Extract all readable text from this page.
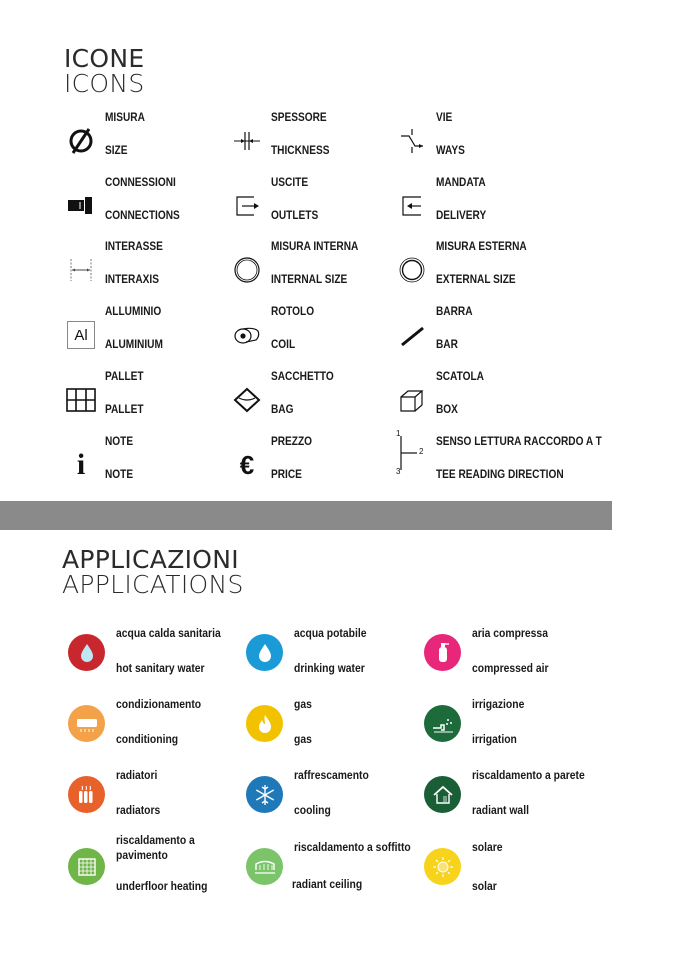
ICONE
ICONS
MISURA
SIZE
SPESSORE
THICKNESS
VIE
WAYS
CONNESSIONI
CONNECTIONS
USCITE
OUTLETS
MANDATA
DELIVERY
INTERASSE
INTERAXIS
MISURA INTERNA
INTERNAL SIZE
MISURA ESTERNA
EXTERNAL SIZE
Al
ALLUMINIO
ALUMINIUM
ROTOLO
COIL
BARRA
BAR
PALLET
PALLET
SACCHETTO
BAG
SCATOLA
BOX
i
NOTE
NOTE	€
PREZZO
PRICE
1
2
3
SENSO LETTURA RACCORDO A T
TEE READING DIRECTION
APPLICAZIONI
APPLICATIONS
acqua calda sanitaria
hot sanitary water
acqua potabile
drinking water
aria compressa
compressed air
condizionamento
conditioning
gas
gas
irrigazione
irrigation
radiatori
radiators
raffrescamento
cooling
riscaldamento a parete
radiant wall
riscaldamento a pavimento
underfloor heating
riscaldamento a soffitto
radiant ceiling
solare
solar
